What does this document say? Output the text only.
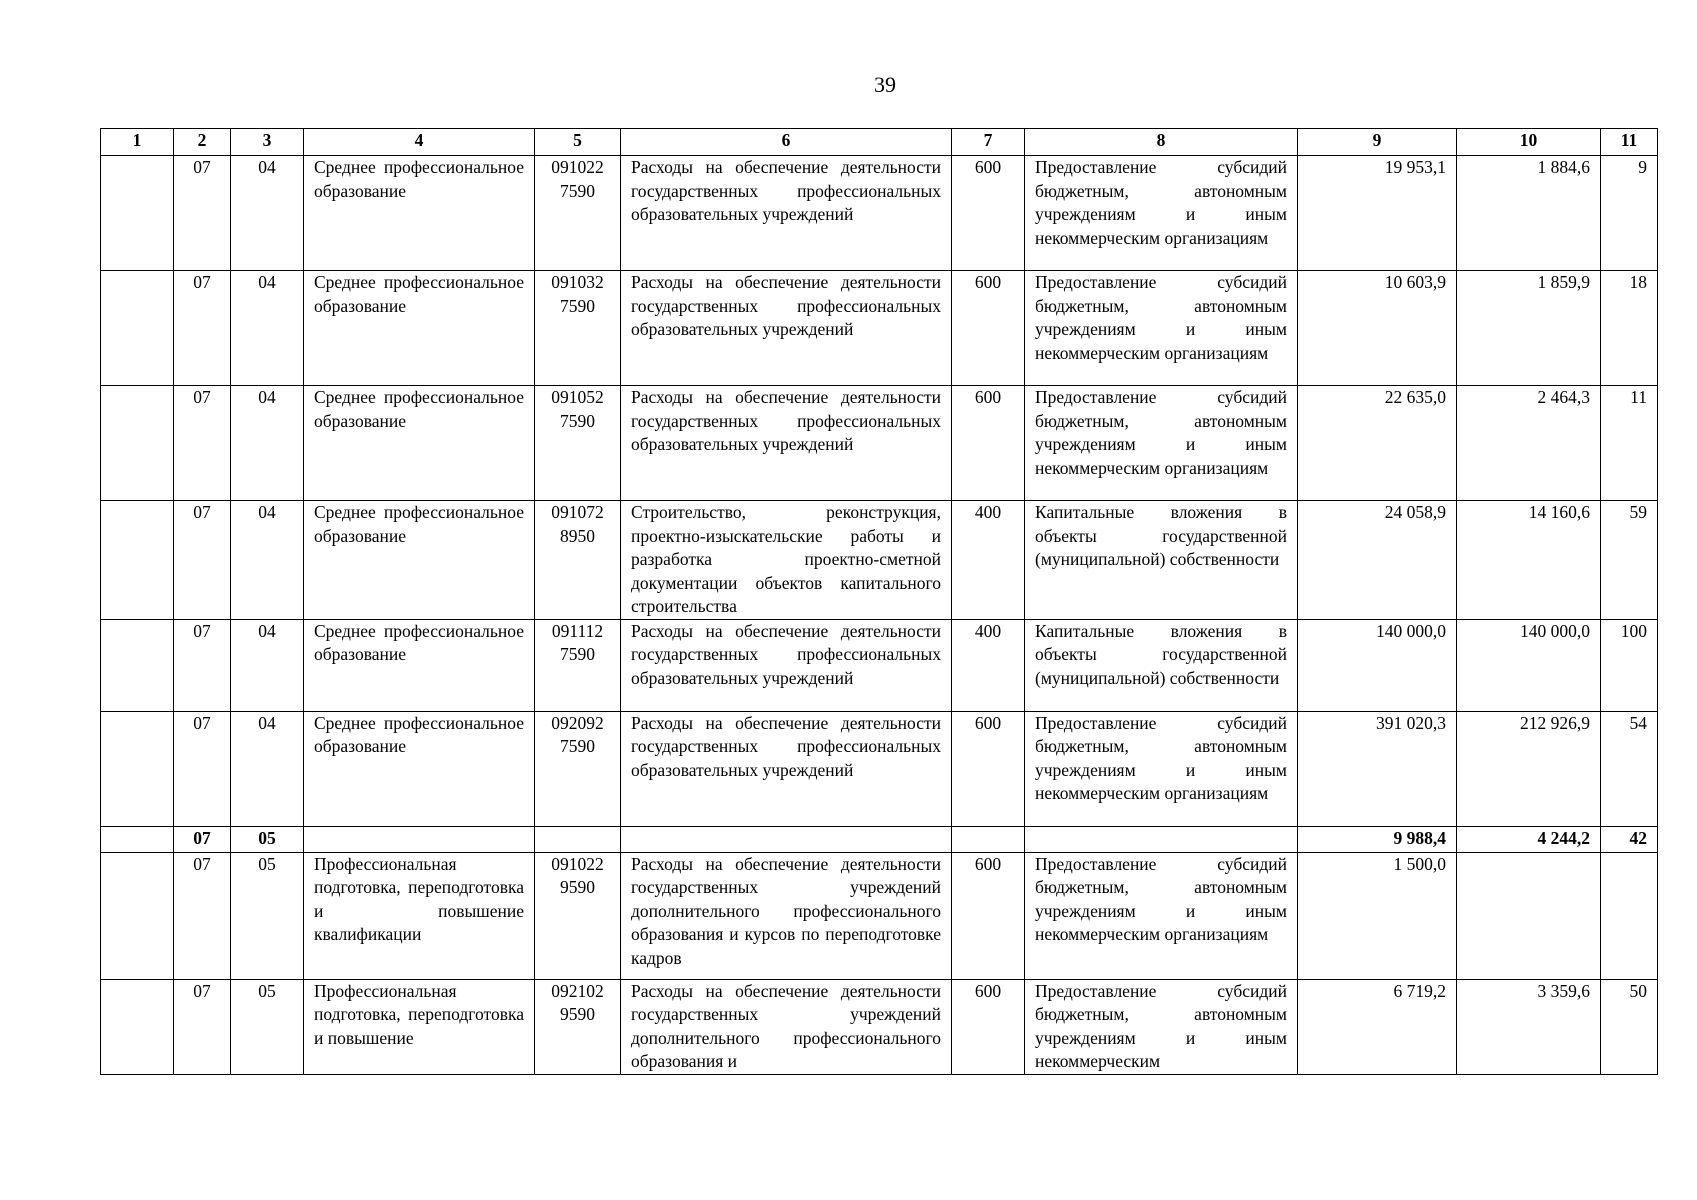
39
1	2	3	4	5	6	7	8	9	10	11
	07	04	Среднее профессиональное образование	091022 7590	Расходы на обеспечение деятельности государственных профессиональных образовательных учреждений	600	Предоставление субсидий бюджетным, автономным учреждениям и иным некоммерческим организациям	19 953,1	1 884,6	9
	07	04	Среднее профессиональное образование	091032 7590	Расходы на обеспечение деятельности государственных профессиональных образовательных учреждений	600	Предоставление субсидий бюджетным, автономным учреждениям и иным некоммерческим организациям	10 603,9	1 859,9	18
	07	04	Среднее профессиональное образование	091052 7590	Расходы на обеспечение деятельности государственных профессиональных образовательных учреждений	600	Предоставление субсидий бюджетным, автономным учреждениям и иным некоммерческим организациям	22 635,0	2 464,3	11
	07	04	Среднее профессиональное образование	091072 8950	Строительство, реконструкция, проектно-изыскательские работы и разработка проектно-сметной документации объектов капитального строительства	400	Капитальные вложения в объекты государственной (муниципальной) собственности	24 058,9	14 160,6	59
	07	04	Среднее профессиональное образование	091112 7590	Расходы на обеспечение деятельности государственных профессиональных образовательных учреждений	400	Капитальные вложения в объекты государственной (муниципальной) собственности	140 000,0	140 000,0	100
	07	04	Среднее профессиональное образование	092092 7590	Расходы на обеспечение деятельности государственных профессиональных образовательных учреждений	600	Предоставление субсидий бюджетным, автономным учреждениям и иным некоммерческим организациям	391 020,3	212 926,9	54
	07	05						9 988,4	4 244,2	42
	07	05	Профессиональная подготовка, переподготовка и повышение квалификации	091022 9590	Расходы на обеспечение деятельности государственных учреждений дополнительного профессионального образования и курсов по переподготовке кадров	600	Предоставление субсидий бюджетным, автономным учреждениям и иным некоммерческим организациям	1 500,0		
	07	05	Профессиональная подготовка, переподготовка и повышение	092102 9590	Расходы на обеспечение деятельности государственных учреждений дополнительного профессионального образования и	600	Предоставление субсидий бюджетным, автономным учреждениям и иным некоммерческим	6 719,2	3 359,6	50
